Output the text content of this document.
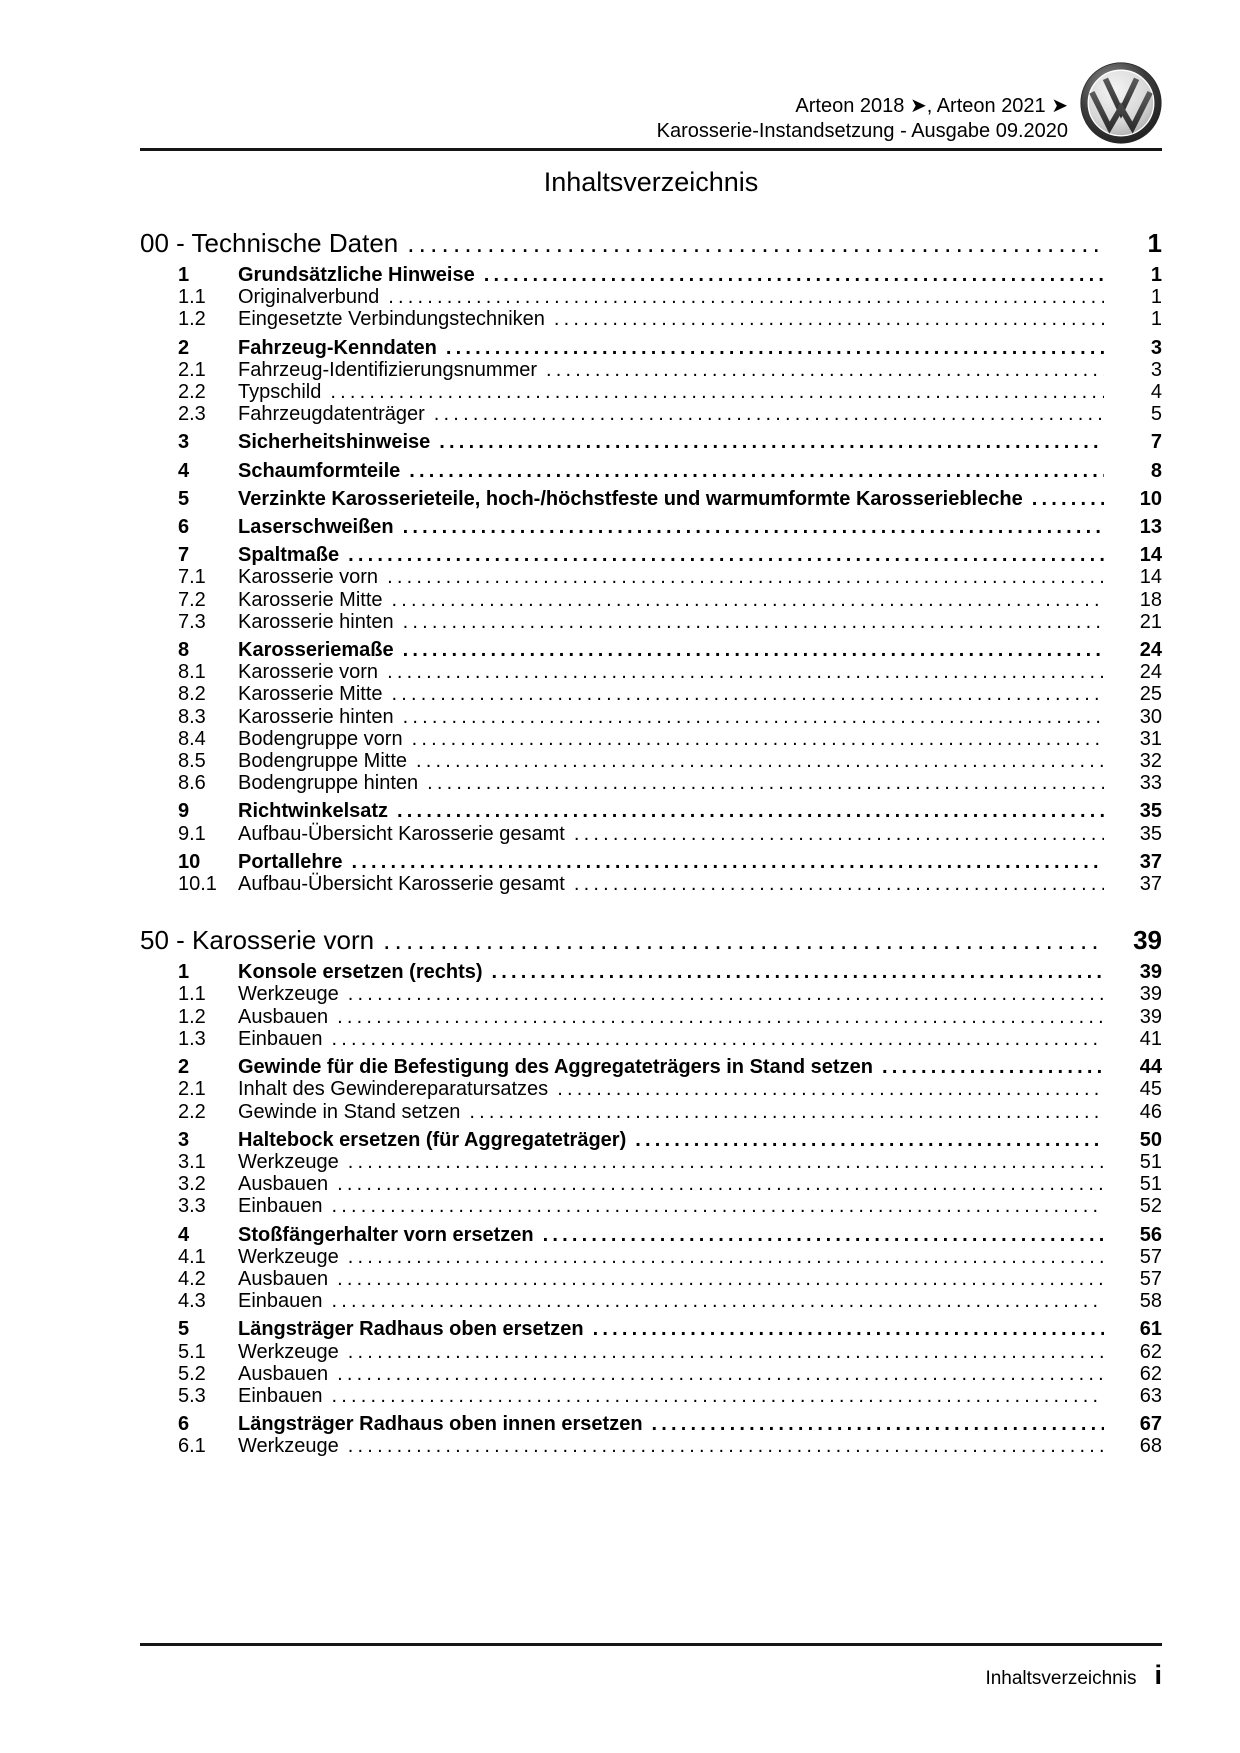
Arteon 2018 ➤, Arteon 2021 ➤
Karosserie-Instandsetzung - Ausgabe 09.2020
Inhaltsverzeichnis
00 - Technische Daten .....	1
1	Grundsätzliche Hinweise .....	1
1.1	Originalverbund .....	1
1.2	Eingesetzte Verbindungstechniken .....	1
2	Fahrzeug-Kenndaten .....	3
2.1	Fahrzeug-Identifizierungsnummer .....	3
2.2	Typschild .....	4
2.3	Fahrzeugdatenträger .....	5
3	Sicherheitshinweise .....	7
4	Schaumformteile .....	8
5	Verzinkte Karosserieteile, hoch-/höchstfeste und warmumformte Karosseriebleche .....	10
6	Laserschweißen .....	13
7	Spaltmaße .....	14
7.1	Karosserie vorn .....	14
7.2	Karosserie Mitte .....	18
7.3	Karosserie hinten .....	21
8	Karosseriemaße .....	24
8.1	Karosserie vorn .....	24
8.2	Karosserie Mitte .....	25
8.3	Karosserie hinten .....	30
8.4	Bodengruppe vorn .....	31
8.5	Bodengruppe Mitte .....	32
8.6	Bodengruppe hinten .....	33
9	Richtwinkelsatz .....	35
9.1	Aufbau-Übersicht Karosserie gesamt .....	35
10	Portallehre .....	37
10.1	Aufbau-Übersicht Karosserie gesamt .....	37
50 - Karosserie vorn .....	39
1	Konsole ersetzen (rechts) .....	39
1.1	Werkzeuge .....	39
1.2	Ausbauen .....	39
1.3	Einbauen .....	41
2	Gewinde für die Befestigung des Aggregateträgers in Stand setzen .....	44
2.1	Inhalt des Gewindereparatursatzes .....	45
2.2	Gewinde in Stand setzen .....	46
3	Haltebock ersetzen (für Aggregateträger) .....	50
3.1	Werkzeuge .....	51
3.2	Ausbauen .....	51
3.3	Einbauen .....	52
4	Stoßfängerhalter vorn ersetzen .....	56
4.1	Werkzeuge .....	57
4.2	Ausbauen .....	57
4.3	Einbauen .....	58
5	Längsträger Radhaus oben ersetzen .....	61
5.1	Werkzeuge .....	62
5.2	Ausbauen .....	62
5.3	Einbauen .....	63
6	Längsträger Radhaus oben innen ersetzen .....	67
6.1	Werkzeuge .....	68
Inhaltsverzeichnis i
